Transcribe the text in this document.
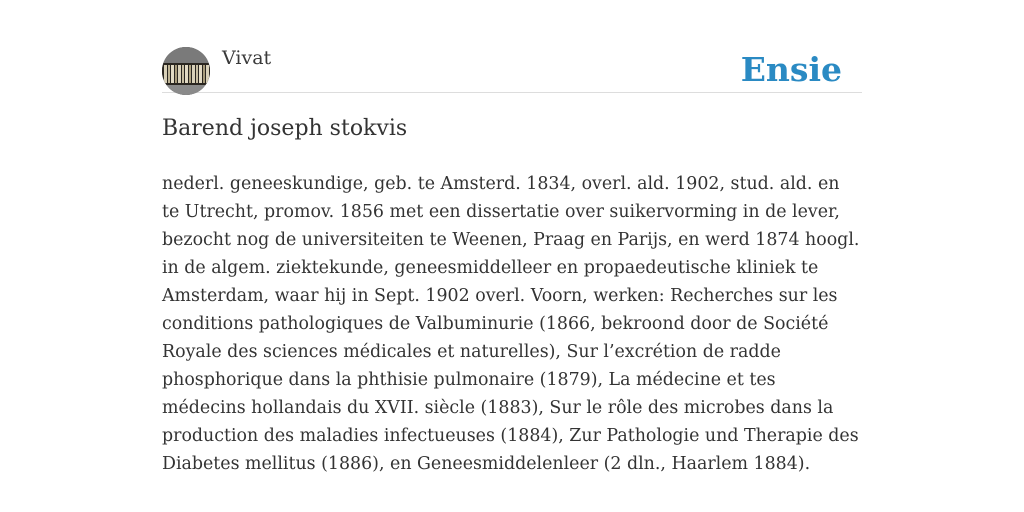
Vivat	Ensie
Barend joseph stokvis

nederl. geneeskundige, geb. te Amsterd. 1834, overl. ald. 1902, stud. ald. en te Utrecht, promov. 1856 met een dissertatie over suikervorming in de lever, bezocht nog de universiteiten te Weenen, Praag en Parijs, en werd 1874 hoogl. in de algem. ziektekunde, geneesmiddelleer en propaedeutische kliniek te Amsterdam, waar hij in Sept. 1902 overl. Voorn, werken: Recherches sur les conditions pathologiques de Valbuminurie (1866, bekroond door de Société Royale des sciences médicales et naturelles), Sur l’excrétion de radde phosphorique dans la phthisie pulmonaire (1879), La médecine et tes médecins hollandais du XVII. siècle (1883), Sur le rôle des microbes dans la production des maladies infectueuses (1884), Zur Pathologie und Therapie des Diabetes mellitus (1886), en Geneesmiddelenleer (2 dln., Haarlem 1884).
